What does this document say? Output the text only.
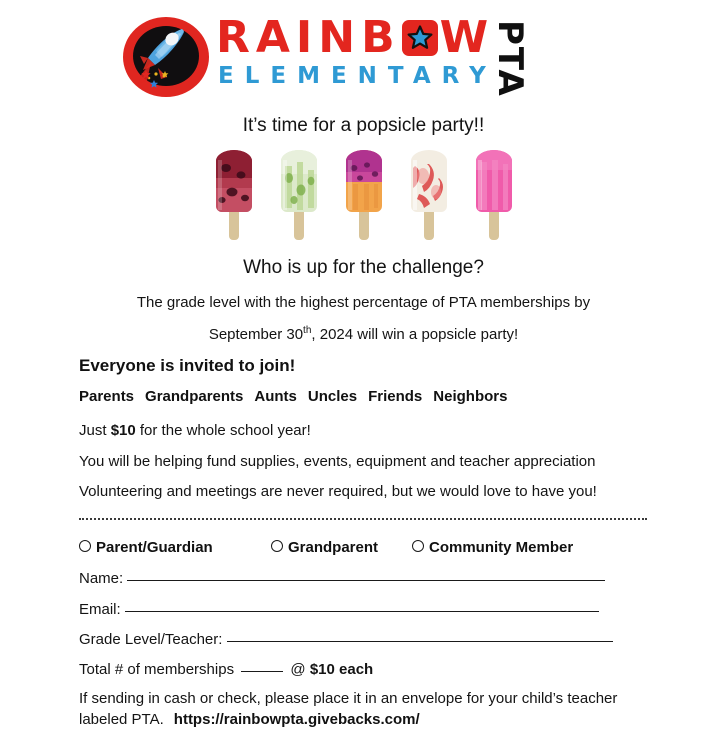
RAINB W
ELEMENTARY
PTA
It’s time for a popsicle party!!
Who is up for the challenge?
The grade level with the highest percentage of PTA memberships by
September 30th, 2024 will win a popsicle party!
Everyone is invited to join!
Parents Grandparents Aunts Uncles Friends Neighbors
Just $10 for the whole school year!
You will be helping fund supplies, events, equipment and teacher appreciation
Volunteering and meetings are never required, but we would love to have you!
Parent/Guardian	Grandparent	Community Member
Name:
Email:
Grade Level/Teacher:
Total # of memberships	@ $10 each
If sending in cash or check, please place it in an envelope for your child’s teacher
labeled PTA. https://rainbowpta.givebacks.com/
